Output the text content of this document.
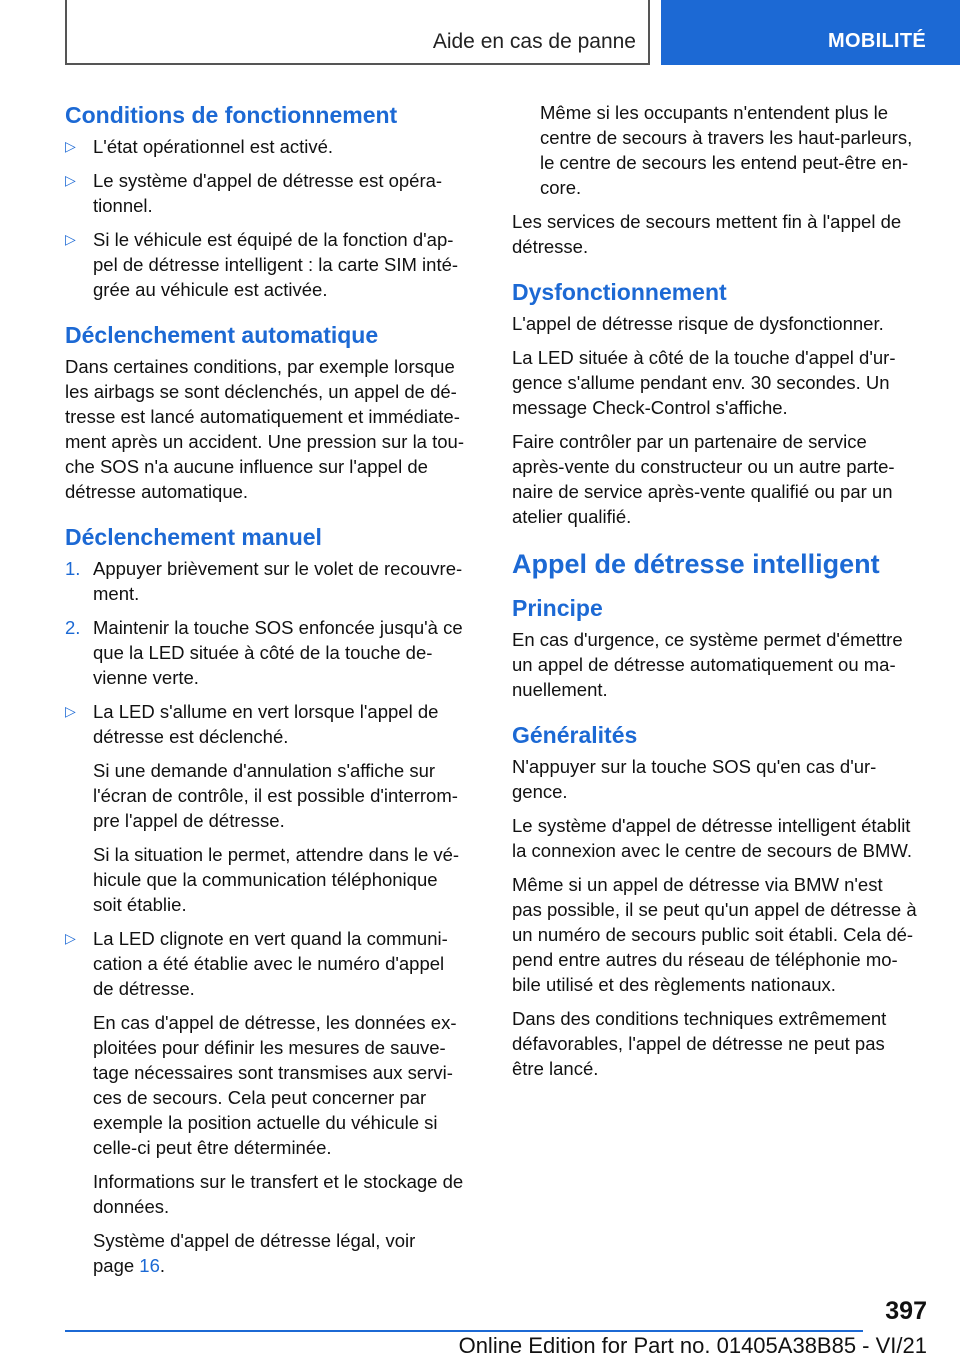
Aide en cas de panne	MOBILITÉ
Conditions de fonctionnement
▷ L'état opérationnel est activé.
▷ Le système d'appel de détresse est opéra‐
tionnel.
▷ Si le véhicule est équipé de la fonction d'ap‐
pel de détresse intelligent : la carte SIM inté‐
grée au véhicule est activée.
Déclenchement automatique

Dans certaines conditions, par exemple lorsque
les airbags se sont déclenchés, un appel de dé‐
tresse est lancé automatiquement et immédiate‐
ment après un accident. Une pression sur la tou‐
che SOS n'a aucune influence sur l'appel de
détresse automatique.

Déclenchement manuel
1. Appuyer brièvement sur le volet de recouvre‐
ment.
2. Maintenir la touche SOS enfoncée jusqu'à ce
que la LED située à côté de la touche de‐
vienne verte.
▷ La LED s'allume en vert lorsque l'appel de
détresse est déclenché.
Si une demande d'annulation s'affiche sur
l'écran de contrôle, il est possible d'interrom‐
pre l'appel de détresse.
Si la situation le permet, attendre dans le vé‐
hicule que la communication téléphonique
soit établie.
▷ La LED clignote en vert quand la communi‐
cation a été établie avec le numéro d'appel
de détresse.
En cas d'appel de détresse, les données ex‐
ploitées pour définir les mesures de sauve‐
tage nécessaires sont transmises aux servi‐
ces de secours. Cela peut concerner par
exemple la position actuelle du véhicule si
celle-ci peut être déterminée.
Informations sur le transfert et le stockage de
données.
Système d'appel de détresse légal, voir
page 16.
Même si les occupants n'entendent plus le
centre de secours à travers les haut-parleurs,
le centre de secours les entend peut-être en‐
core.

Les services de secours mettent fin à l'appel de
détresse.

Dysfonctionnement

L'appel de détresse risque de dysfonctionner.

La LED située à côté de la touche d'appel d'ur‐
gence s'allume pendant env. 30 secondes. Un
message Check-Control s'affiche.

Faire contrôler par un partenaire de service
après-vente du constructeur ou un autre parte‐
naire de service après-vente qualifié ou par un
atelier qualifié.

Appel de détresse intelligent
Principe

En cas d'urgence, ce système permet d'émettre
un appel de détresse automatiquement ou ma‐
nuellement.

Généralités

N'appuyer sur la touche SOS qu'en cas d'ur‐
gence.

Le système d'appel de détresse intelligent établit
la connexion avec le centre de secours de BMW.

Même si un appel de détresse via BMW n'est
pas possible, il se peut qu'un appel de détresse à
un numéro de secours public soit établi. Cela dé‐
pend entre autres du réseau de téléphonie mo‐
bile utilisé et des règlements nationaux.

Dans des conditions techniques extrêmement
défavorables, l'appel de détresse ne peut pas
être lancé.

397
Online Edition for Part no. 01405A38B85 - VI/21
